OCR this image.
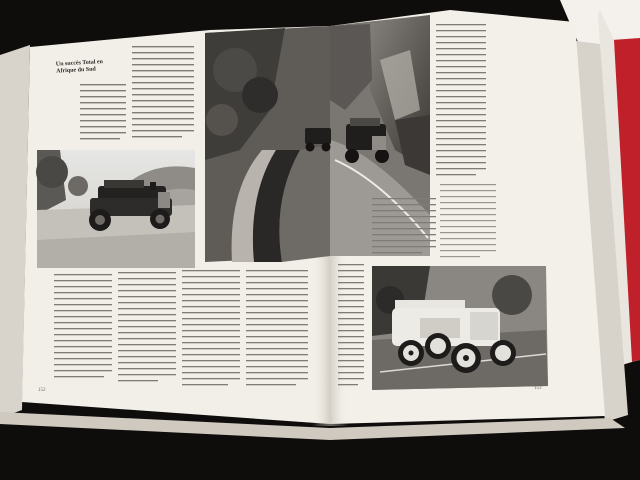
Un succès Total en Afrique du Sud
152	153
